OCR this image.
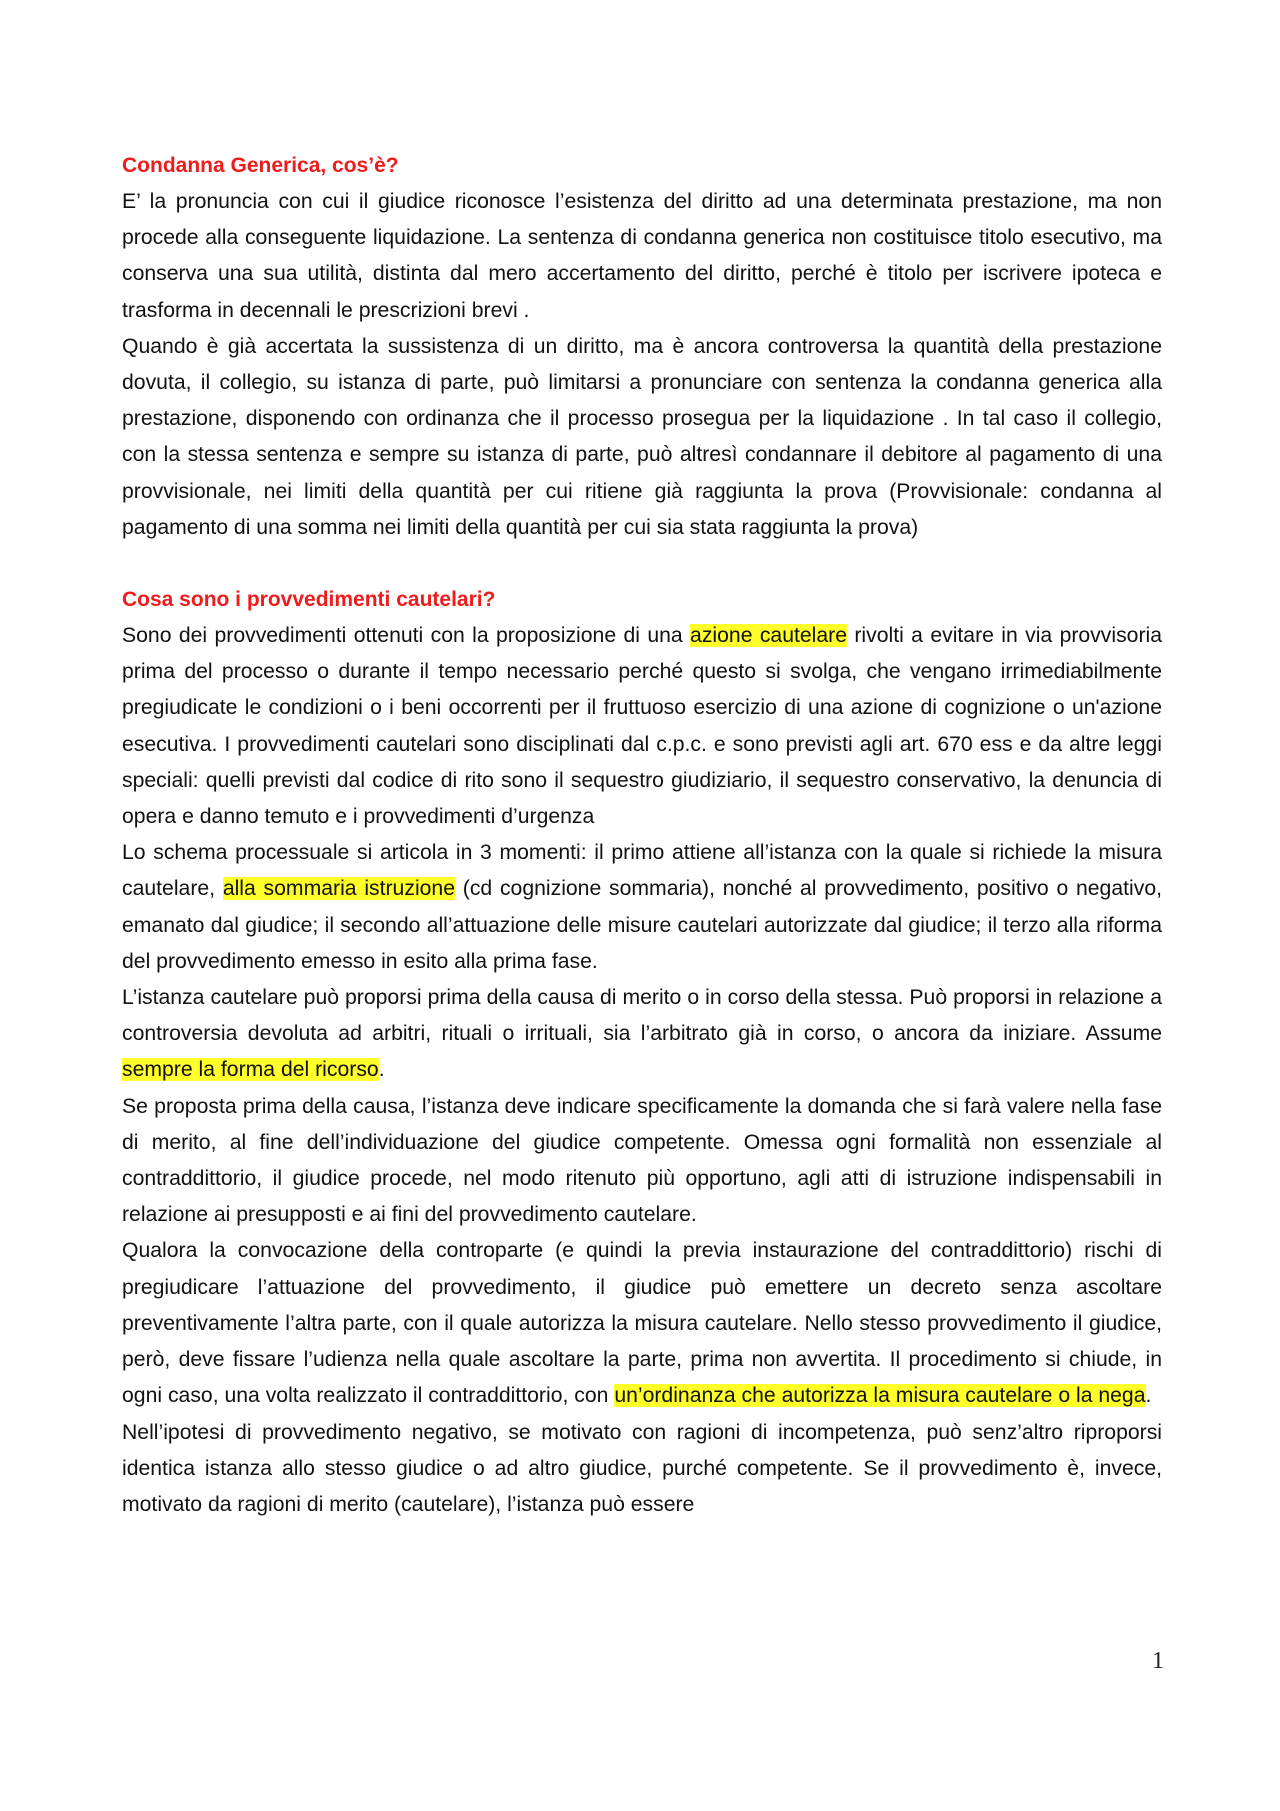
Condanna Generica, cos’è?

E’ la pronuncia con cui il giudice riconosce l’esistenza del diritto ad una determinata prestazione, ma non procede alla conseguente liquidazione. La sentenza di condanna generica non costituisce titolo esecutivo, ma conserva una sua utilità, distinta dal mero accertamento del diritto, perché è titolo per iscrivere ipoteca e trasforma in decennali le prescrizioni brevi .

Quando è già accertata la sussistenza di un diritto, ma è ancora controversa la quantità della prestazione dovuta, il collegio, su istanza di parte, può limitarsi a pronunciare con sentenza la condanna generica alla prestazione, disponendo con ordinanza che il processo prosegua per la liquidazione . In tal caso il collegio, con la stessa sentenza e sempre su istanza di parte, può altresì condannare il debitore al pagamento di una provvisionale, nei limiti della quantità per cui ritiene già raggiunta la prova (Provvisionale: condanna al pagamento di una somma nei limiti della quantità per cui sia stata raggiunta la prova)

Cosa sono i provvedimenti cautelari?

Sono dei provvedimenti ottenuti con la proposizione di una azione cautelare rivolti a evitare in via provvisoria prima del processo o durante il tempo necessario perché questo si svolga, che vengano irrimediabilmente pregiudicate le condizioni o i beni occorrenti per il fruttuoso esercizio di una azione di cognizione o un'azione esecutiva. I provvedimenti cautelari sono disciplinati dal c.p.c. e sono previsti agli art. 670 ess e da altre leggi speciali: quelli previsti dal codice di rito sono il sequestro giudiziario, il sequestro conservativo, la denuncia di opera e danno temuto e i provvedimenti d’urgenza

Lo schema processuale si articola in 3 momenti: il primo attiene all’istanza con la quale si richiede la misura cautelare, alla sommaria istruzione (cd cognizione sommaria), nonché al provvedimento, positivo o negativo, emanato dal giudice; il secondo all’attuazione delle misure cautelari autorizzate dal giudice; il terzo alla riforma del provvedimento emesso in esito alla prima fase.

L’istanza cautelare può proporsi prima della causa di merito o in corso della stessa. Può proporsi in relazione a controversia devoluta ad arbitri, rituali o irrituali, sia l’arbitrato già in corso, o ancora da iniziare. Assume sempre la forma del ricorso.

Se proposta prima della causa, l’istanza deve indicare specificamente la domanda che si farà valere nella fase di merito, al fine dell’individuazione del giudice competente. Omessa ogni formalità non essenziale al contraddittorio, il giudice procede, nel modo ritenuto più opportuno, agli atti di istruzione indispensabili in relazione ai presupposti e ai fini del provvedimento cautelare.

Qualora la convocazione della controparte (e quindi la previa instaurazione del contraddittorio) rischi di pregiudicare l’attuazione del provvedimento, il giudice può emettere un decreto senza ascoltare preventivamente l’altra parte, con il quale autorizza la misura cautelare. Nello stesso provvedimento il giudice, però, deve fissare l’udienza nella quale ascoltare la parte, prima non avvertita. Il procedimento si chiude, in ogni caso, una volta realizzato il contraddittorio, con un’ordinanza che autorizza la misura cautelare o la nega.

Nell’ipotesi di provvedimento negativo, se motivato con ragioni di incompetenza, può senz’altro riproporsi identica istanza allo stesso giudice o ad altro giudice, purché competente. Se il provvedimento è, invece, motivato da ragioni di merito (cautelare), l’istanza può essere

1
